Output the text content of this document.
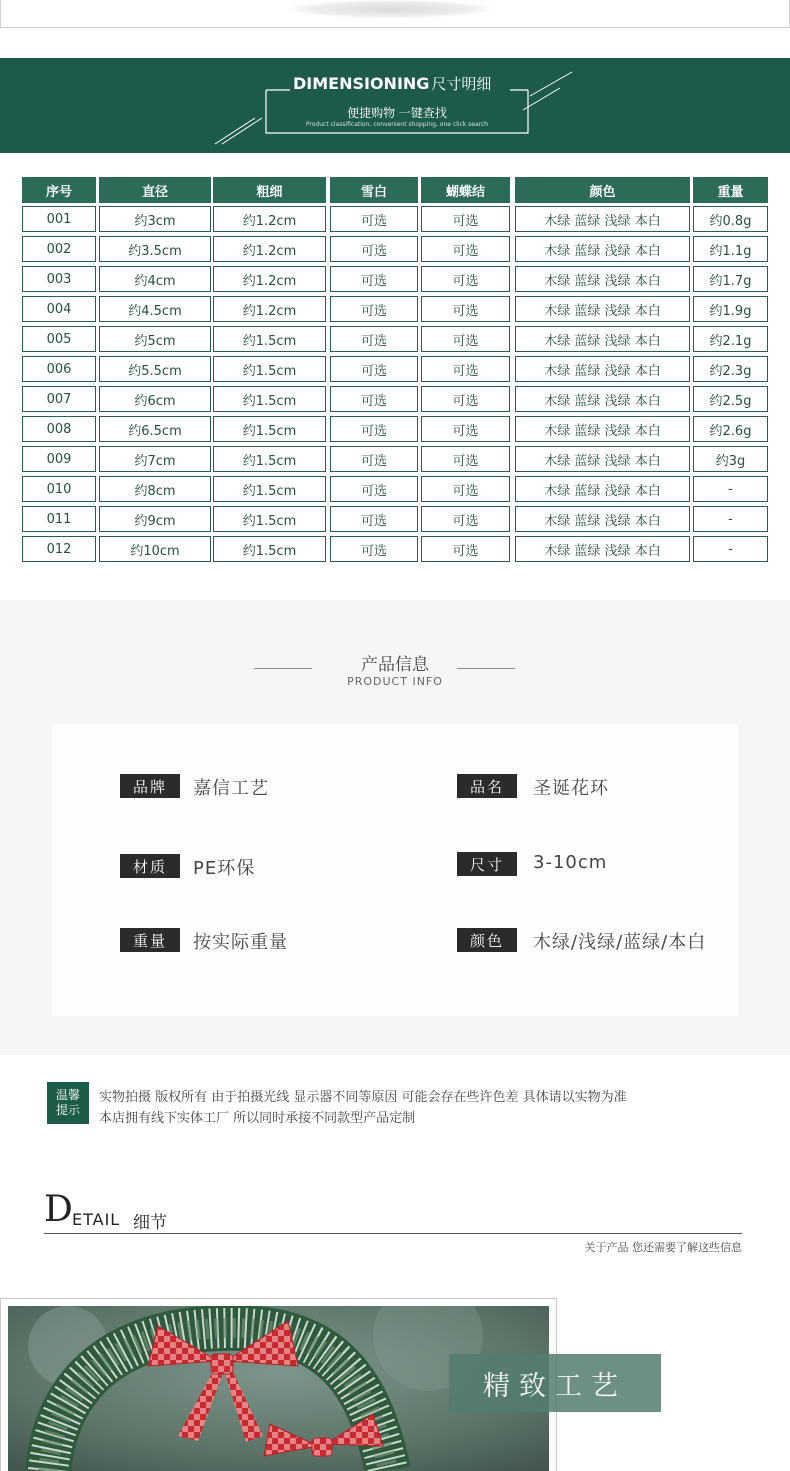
DIMENSIONING 尺寸明细
便捷购物 一键查找
Product classification, convenient shopping, one click search
序号	直径	粗细	雪白	蝴蝶结	颜色	重量
001	约3cm	约1.2cm	可选	可选	木绿 蓝绿 浅绿 本白	约0.8g
002	约3.5cm	约1.2cm	可选	可选	木绿 蓝绿 浅绿 本白	约1.1g
003	约4cm	约1.2cm	可选	可选	木绿 蓝绿 浅绿 本白	约1.7g
004	约4.5cm	约1.2cm	可选	可选	木绿 蓝绿 浅绿 本白	约1.9g
005	约5cm	约1.5cm	可选	可选	木绿 蓝绿 浅绿 本白	约2.1g
006	约5.5cm	约1.5cm	可选	可选	木绿 蓝绿 浅绿 本白	约2.3g
007	约6cm	约1.5cm	可选	可选	木绿 蓝绿 浅绿 本白	约2.5g
008	约6.5cm	约1.5cm	可选	可选	木绿 蓝绿 浅绿 本白	约2.6g
009	约7cm	约1.5cm	可选	可选	木绿 蓝绿 浅绿 本白	约3g
010	约8cm	约1.5cm	可选	可选	木绿 蓝绿 浅绿 本白	-
011	约9cm	约1.5cm	可选	可选	木绿 蓝绿 浅绿 本白	-
012	约10cm	约1.5cm	可选	可选	木绿 蓝绿 浅绿 本白	-
产品信息
PRODUCT INFO
品牌	嘉信工艺	品名	圣诞花环
材质	PE环保	尺寸	3-10cm
重量	按实际重量	颜色	木绿/浅绿/蓝绿/本白
温馨
提示
实物拍摄 版权所有 由于拍摄光线 显示器不同等原因 可能会存在些许色差 具体请以实物为准
本店拥有线下实体工厂 所以同时承接不同款型产品定制
D ETAIL 细节
关于产品 您还需要了解这些信息
精致工艺
